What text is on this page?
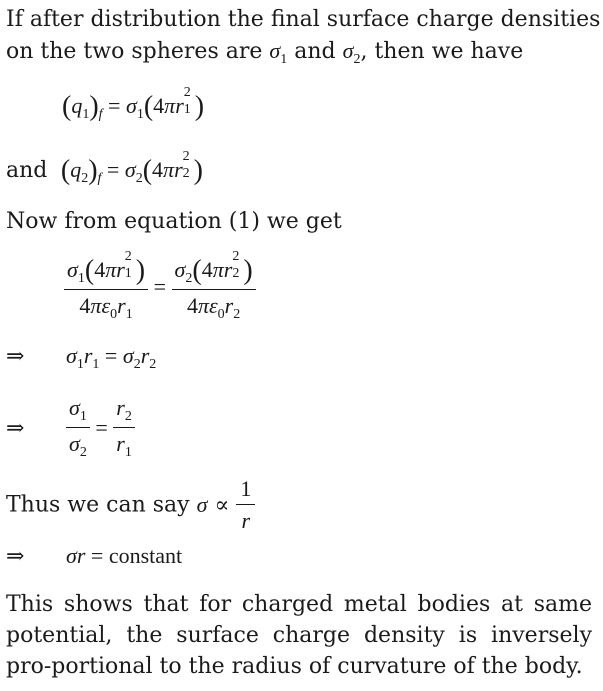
If after distribution the final surface charge densities
on the two spheres are $\sigma_1$ and $\sigma_2$, then we have
$(q_1)_f = \sigma_1(4\pi r$
2
1 )
and $(q_2)_f = \sigma_2(4\pi r$
2
2 )
Now from equation (1) we get
$\sigma_1(4\pi r$
2
1 )
$4\pi\varepsilon_0r_1 = \sigma_2(4\pi r$
2
2 )
$4\pi\varepsilon_0r_2$
⇒ $\sigma_1r_1 = \sigma_2r_2$
⇒ $\frac{\sigma_1}{\sigma_2} = \frac{r_2}{r_1}$
Thus we can say $\sigma \propto \frac{1}{r}$
⇒ σr = constant
This shows that for charged metal bodies at same potential, the surface charge density is inversely pro-portional to the radius of curvature of the body.
